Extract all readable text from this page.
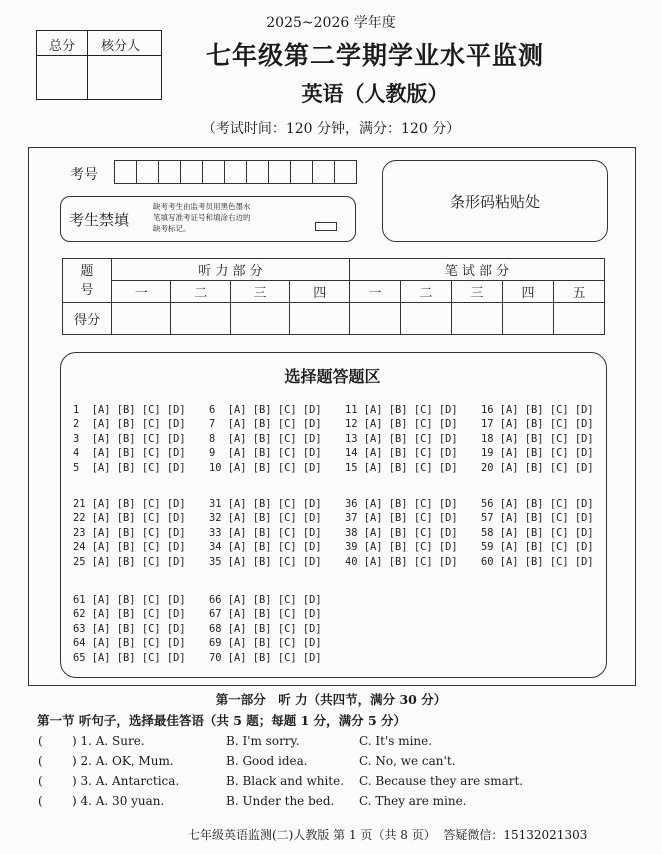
总分 核分人
2025~2026 学年度
七年级第二学期学业水平监测
英语（人教版）
（考试时间：120 分钟，满分：120 分）
考号
条形码粘贴处
考生禁填
缺考考生由监考员用黑色墨水
笔填写准考证号和填涂右边的
缺考标记。
题
号	听 力 部 分				笔 试 部 分				
	一	二	三	四	一	二	三	四	五
得分									
选择题答题区
1  [A] [B] [C] [D]
2  [A] [B] [C] [D]
3  [A] [B] [C] [D]
4  [A] [B] [C] [D]
5  [A] [B] [C] [D]
6  [A] [B] [C] [D]
7  [A] [B] [C] [D]
8  [A] [B] [C] [D]
9  [A] [B] [C] [D]
10 [A] [B] [C] [D]
11 [A] [B] [C] [D]
12 [A] [B] [C] [D]
13 [A] [B] [C] [D]
14 [A] [B] [C] [D]
15 [A] [B] [C] [D]
16 [A] [B] [C] [D]
17 [A] [B] [C] [D]
18 [A] [B] [C] [D]
19 [A] [B] [C] [D]
20 [A] [B] [C] [D]
21 [A] [B] [C] [D]
22 [A] [B] [C] [D]
23 [A] [B] [C] [D]
24 [A] [B] [C] [D]
25 [A] [B] [C] [D]
31 [A] [B] [C] [D]
32 [A] [B] [C] [D]
33 [A] [B] [C] [D]
34 [A] [B] [C] [D]
35 [A] [B] [C] [D]
36 [A] [B] [C] [D]
37 [A] [B] [C] [D]
38 [A] [B] [C] [D]
39 [A] [B] [C] [D]
40 [A] [B] [C] [D]
56 [A] [B] [C] [D]
57 [A] [B] [C] [D]
58 [A] [B] [C] [D]
59 [A] [B] [C] [D]
60 [A] [B] [C] [D]
61 [A] [B] [C] [D]
62 [A] [B] [C] [D]
63 [A] [B] [C] [D]
64 [A] [B] [C] [D]
65 [A] [B] [C] [D]
66 [A] [B] [C] [D]
67 [A] [B] [C] [D]
68 [A] [B] [C] [D]
69 [A] [B] [C] [D]
70 [A] [B] [C] [D]
第一部分　听 力（共四节，满分 30 分）
第一节 听句子，选择最佳答语（共 5 题；每题 1 分，满分 5 分）
( ) 1. A. Sure.	B. I'm sorry.	C. It's mine.
( ) 2. A. OK, Mum.	B. Good idea.	C. No, we can't.
( ) 3. A. Antarctica.	B. Black and white. C. Because they are smart.
( ) 4. A. 30 yuan.	B. Under the bed. C. They are mine.
七年级英语监测(二)人教版 第 1 页（共 8 页） 答疑微信：15132021303
